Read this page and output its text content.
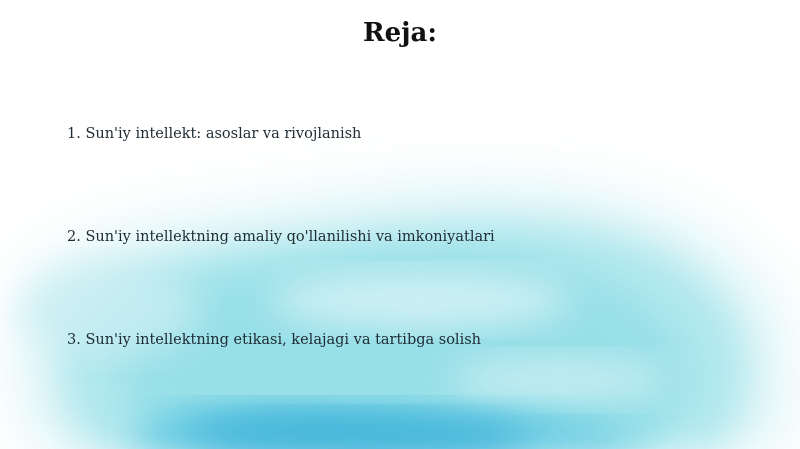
Reja:
1. Sun'iy intellekt: asoslar va rivojlanish
2. Sun'iy intellektning amaliy qo'llanilishi va imkoniyatlari
3. Sun'iy intellektning etikasi, kelajagi va tartibga solish
